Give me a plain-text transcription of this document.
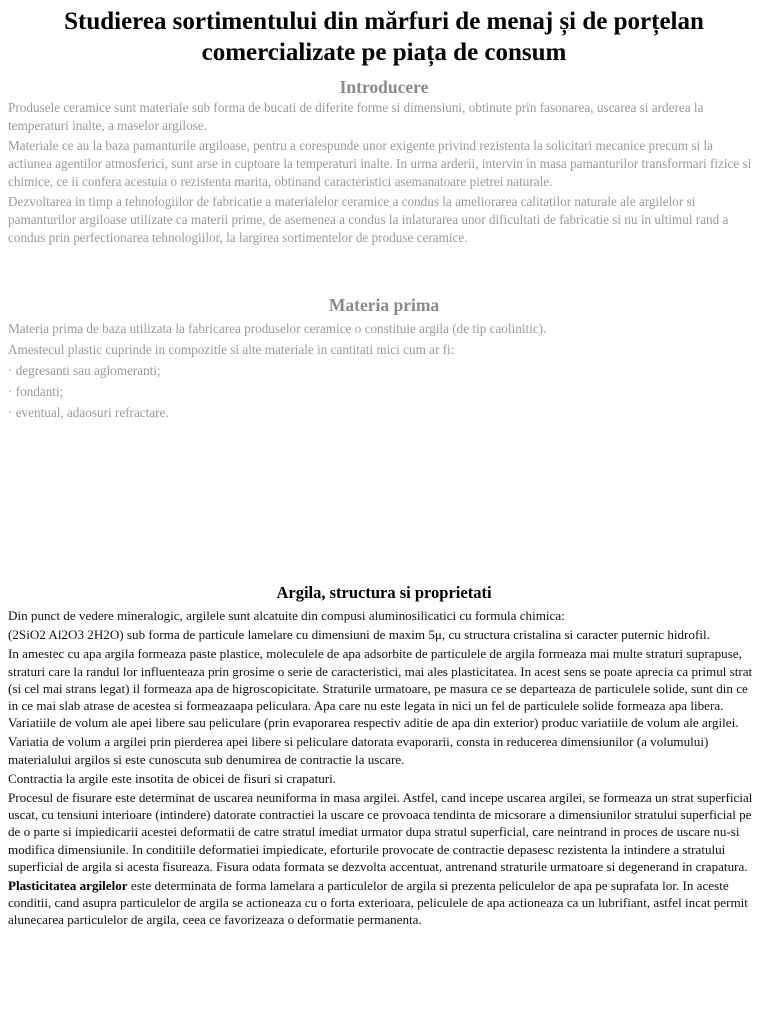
Studierea sortimentului din mărfuri de menaj și de porțelan
comercializate pe piața de consum
Introducere

Produsele ceramice sunt materiale sub forma de bucati de diferite forme si dimensiuni, obtinute prin fasonarea, uscarea si arderea la temperaturi inalte, a maselor argilose.

Materiale ce au la baza pamanturile argiloase, pentru a corespunde unor exigente privind rezistenta la solicitari mecanice precum si la actiunea agentilor atmosferici, sunt arse in cuptoare la temperaturi inalte. In urma arderii, intervin in masa pamanturilor transformari fizice si chimice, ce ii confera acestuia o rezistenta marita, obtinand caracteristici asemanatoare pietrei naturale.

Dezvoltarea in timp a tehnologiilor de fabricatie a materialelor ceramice a condus la ameliorarea calitatilor naturale ale argilelor si pamanturilor argiloase utilizate ca materii prime, de asemenea a condus la inlaturarea unor dificultati de fabricatie si nu in ultimul rand a condus prin perfectionarea tehnologiilor, la largirea sortimentelor de produse ceramice.

Materia prima

Materia prima de baza utilizata la fabricarea produselor ceramice o constituie argila (de tip caolinitic).

Amestecul plastic cuprinde in compozitie si alte materiale in cantitati mici cum ar fi:

· degresanti sau aglomeranti;

· fondanti;

· eventual, adaosuri refractare.

Argila, structura si proprietati

Din punct de vedere mineralogic, argilele sunt alcatuite din compusi aluminosilicatici cu formula chimica:

(2SiO2 Al2O3 2H2O) sub forma de particule lamelare cu dimensiuni de maxim 5μ, cu structura cristalina si caracter puternic hidrofil.

In amestec cu apa argila formeaza paste plastice, moleculele de apa adsorbite de particulele de argila formeaza mai multe straturi suprapuse, straturi care la randul lor influenteaza prin grosime o serie de caracteristici, mai ales plasticitatea. In acest sens se poate aprecia ca primul strat (si cel mai strans legat) il formeaza apa de higroscopicitate. Straturile urmatoare, pe masura ce se departeaza de particulele solide, sunt din ce in ce mai slab atrase de acestea si formeazaapa peliculara. Apa care nu este legata in nici un fel de particulele solide formeaza apa libera. Variatiile de volum ale apei libere sau peliculare (prin evaporarea respectiv aditie de apa din exterior) produc variatiile de volum ale argilei.

Variatia de volum a argilei prin pierderea apei libere si peliculare datorata evaporarii, consta in reducerea dimensiunilor (a volumului) materialului argilos si este cunoscuta sub denumirea de contractie la uscare.

Contractia la argile este insotita de obicei de fisuri si crapaturi.

Procesul de fisurare este determinat de uscarea neuniforma in masa argilei. Astfel, cand incepe uscarea argilei, se formeaza un strat superficial uscat, cu tensiuni interioare (intindere) datorate contractiei la uscare ce provoaca tendinta de micsorare a dimensiunilor stratului superficial pe de o parte si impiedicarii acestei deformatii de catre stratul imediat urmator dupa stratul superficial, care neintrand in proces de uscare nu-si modifica dimensiunile. In conditiile deformatiei impiedicate, eforturile provocate de contractie depasesc rezistenta la intindere a stratului superficial de argila si acesta fisureaza. Fisura odata formata se dezvolta accentuat, antrenand straturile urmatoare si degenerand in crapatura.

Plasticitatea argilelor este determinata de forma lamelara a particulelor de argila si prezenta peliculelor de apa pe suprafata lor. In aceste conditii, cand asupra particulelor de argila se actioneaza cu o forta exterioara, peliculele de apa actioneaza ca un lubrifiant, astfel incat permit alunecarea particulelor de argila, ceea ce favorizeaza o deformatie permanenta.
